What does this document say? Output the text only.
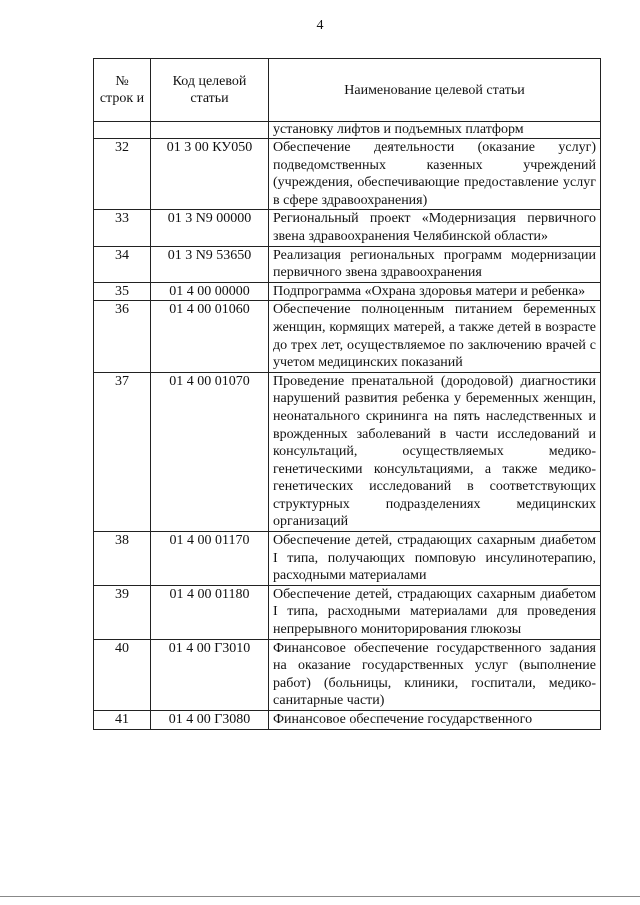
4
№ строк и	Код целевой статьи	Наименование целевой статьи
		установку лифтов и подъемных платформ
32	01 3 00 КУ050	Обеспечение деятельности (оказание услуг) подведомственных казенных учреждений (учреждения, обеспечивающие предоставление услуг в сфере здравоохранения)
33	01 3 N9 00000	Региональный проект «Модернизация первичного звена здравоохранения Челябинской области»
34	01 3 N9 53650	Реализация региональных программ модернизации первичного звена здравоохранения
35	01 4 00 00000	Подпрограмма «Охрана здоровья матери и ребенка»
36	01 4 00 01060	Обеспечение полноценным питанием беременных женщин, кормящих матерей, а также детей в возрасте до трех лет, осуществляемое по заключению врачей с учетом медицинских показаний
37	01 4 00 01070	Проведение пренатальной (дородовой) диагностики нарушений развития ребенка у беременных женщин, неонатального скрининга на пять наследственных и врожденных заболеваний в части исследований и консультаций, осуществляемых медико-генетическими консультациями, а также медико-генетических исследований в соответствующих структурных подразделениях медицинских организаций
38	01 4 00 01170	Обеспечение детей, страдающих сахарным диабетом I типа, получающих помповую инсулинотерапию, расходными материалами
39	01 4 00 01180	Обеспечение детей, страдающих сахарным диабетом I типа, расходными материалами для проведения непрерывного мониторирования глюкозы
40	01 4 00 Г3010	Финансовое обеспечение государственного задания на оказание государственных услуг (выполнение работ) (больницы, клиники, госпитали, медико-санитарные части)
41	01 4 00 Г3080	Финансовое обеспечение государственного
